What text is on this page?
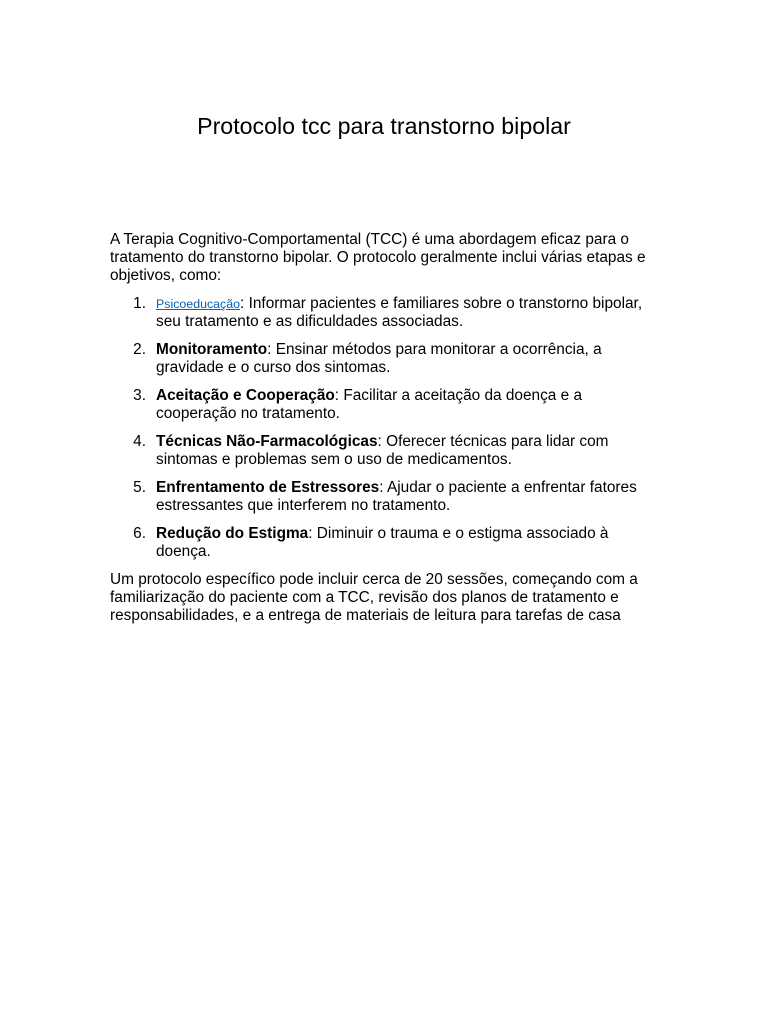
Protocolo tcc para transtorno bipolar

A Terapia Cognitivo-Comportamental (TCC) é uma abordagem eficaz para o tratamento do transtorno bipolar. O protocolo geralmente inclui várias etapas e objetivos, como:

1. Psicoeducação: Informar pacientes e familiares sobre o transtorno bipolar, seu tratamento e as dificuldades associadas.
2. Monitoramento: Ensinar métodos para monitorar a ocorrência, a gravidade e o curso dos sintomas.
3. Aceitação e Cooperação: Facilitar a aceitação da doença e a cooperação no tratamento.
4. Técnicas Não-Farmacológicas: Oferecer técnicas para lidar com sintomas e problemas sem o uso de medicamentos.
5. Enfrentamento de Estressores: Ajudar o paciente a enfrentar fatores estressantes que interferem no tratamento.
6. Redução do Estigma: Diminuir o trauma e o estigma associado à doença.

Um protocolo específico pode incluir cerca de 20 sessões, começando com a familiarização do paciente com a TCC, revisão dos planos de tratamento e responsabilidades, e a entrega de materiais de leitura para tarefas de casa
